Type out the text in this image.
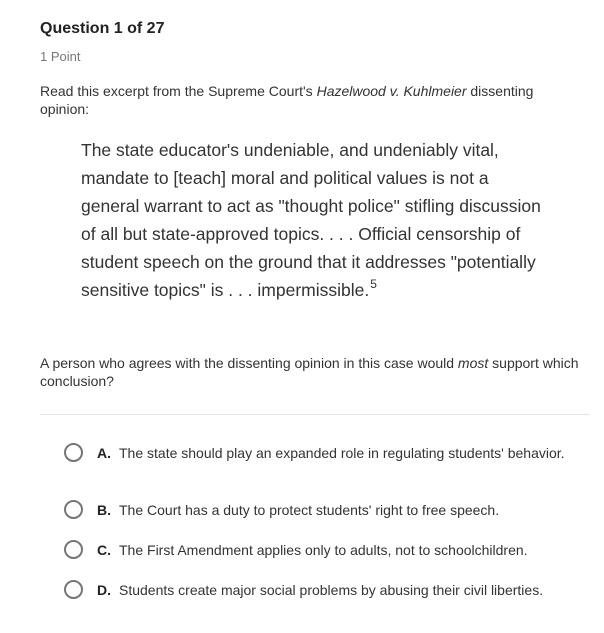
Question 1 of 27
1 Point
Read this excerpt from the Supreme Court's Hazelwood v. Kuhlmeier dissenting opinion:
The state educator's undeniable, and undeniably vital, mandate to [teach] moral and political values is not a general warrant to act as "thought police" stifling discussion of all but state-approved topics. . . . Official censorship of student speech on the ground that it addresses "potentially sensitive topics" is . . . impermissible.$^5$
A person who agrees with the dissenting opinion in this case would most support which conclusion?
A. The state should play an expanded role in regulating students' behavior.
B. The Court has a duty to protect students' right to free speech.
C. The First Amendment applies only to adults, not to schoolchildren.
D. Students create major social problems by abusing their civil liberties.
